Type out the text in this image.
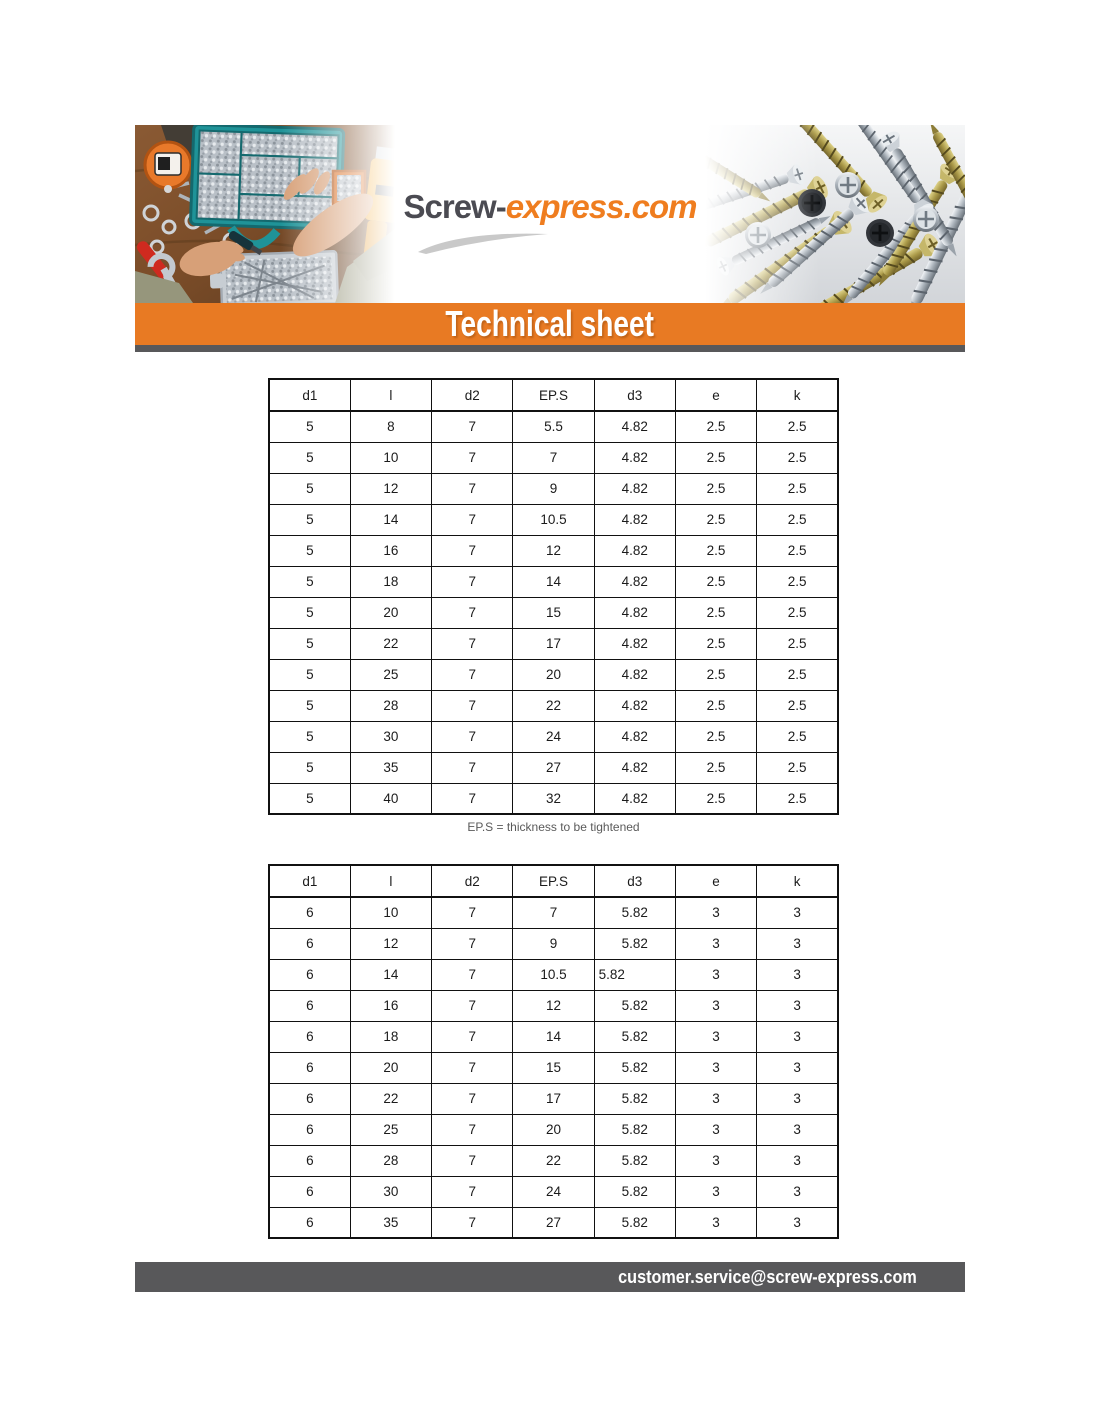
Screw-express.com
Technical sheet
d1	l	d2	EP.S	d3	e	k
5	8	7	5.5	4.82	2.5	2.5
5	10	7	7	4.82	2.5	2.5
5	12	7	9	4.82	2.5	2.5
5	14	7	10.5	4.82	2.5	2.5
5	16	7	12	4.82	2.5	2.5
5	18	7	14	4.82	2.5	2.5
5	20	7	15	4.82	2.5	2.5
5	22	7	17	4.82	2.5	2.5
5	25	7	20	4.82	2.5	2.5
5	28	7	22	4.82	2.5	2.5
5	30	7	24	4.82	2.5	2.5
5	35	7	27	4.82	2.5	2.5
5	40	7	32	4.82	2.5	2.5
EP.S = thickness to be tightened
d1	l	d2	EP.S	d3	e	k
6	10	7	7	5.82	3	3
6	12	7	9	5.82	3	3
6	14	7	10.5	5.82	3	3
6	16	7	12	5.82	3	3
6	18	7	14	5.82	3	3
6	20	7	15	5.82	3	3
6	22	7	17	5.82	3	3
6	25	7	20	5.82	3	3
6	28	7	22	5.82	3	3
6	30	7	24	5.82	3	3
6	35	7	27	5.82	3	3
customer.service@screw-express.com
